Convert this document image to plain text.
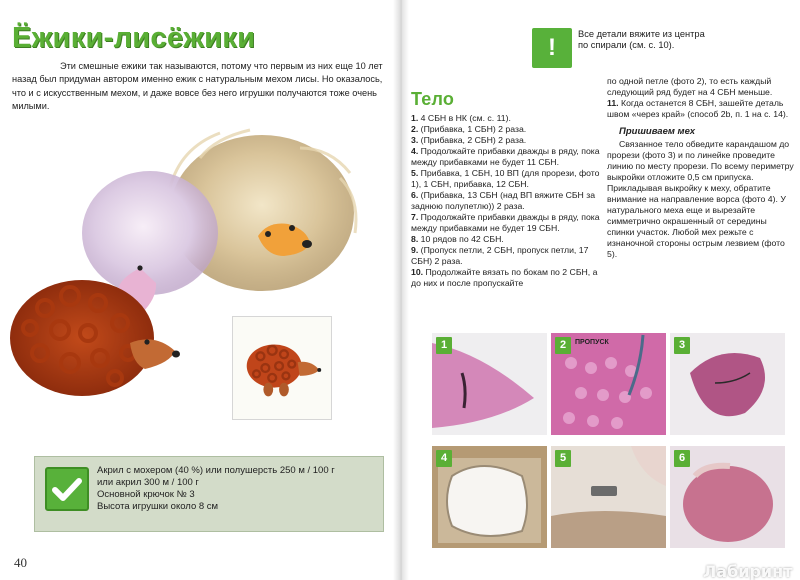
Ёжики-лисёжики
Эти смешные ежики так называются, потому что первым из них еще 10 лет назад был придуман автором именно ежик с натуральным мехом лисы. Но оказалось, что и с искусственным мехом, и даже вовсе без него игрушки получаются тоже очень милыми.
Акрил с мохером (40 %) или полушерсть 250 м / 100 г
или акрил 300 м / 100 г
Основной крючок № 3
Высота игрушки около 8 см
40
!	Все детали вяжите из центра по спирали (см. с. 10).
Тело
1. 4 СБН в НК (см. с. 11).
2. (Прибавка, 1 СБН) 2 раза.
3. (Прибавка, 2 СБН) 2 раза.
4. Продолжайте прибавки дважды в ряду, пока между прибавками не будет 11 СБН.
5. Прибавка, 1 СБН, 10 ВП (для прорези, фото 1), 1 СБН, прибавка, 12 СБН.
6. (Прибавка, 13 СБН (над ВП вяжите СБН за заднюю полупетлю)) 2 раза.
7. Продолжайте прибавки дважды в ряду, пока между прибавками не будет 19 СБН.
8. 10 рядов по 42 СБН.
9. (Пропуск петли, 2 СБН, пропуск петли, 17 СБН) 2 раза.
10. Продолжайте вязать по бокам по 2 СБН, а до них и после пропускайте
по одной петле (фото 2), то есть каждый следующий ряд будет на 4 СБН меньше.
11. Когда останется 8 СБН, зашейте деталь швом «через край» (способ 2b, п. 1 на с. 14).
Пришиваем мех
Связанное тело обведите карандашом до прорези (фото 3) и по линейке проведите линию по месту прорези. По всему периметру выкройки отложите 0,5 см припуска. Прикладывая выкройку к меху, обратите внимание на направление ворса (фото 4). У натурального меха еще и вырезайте симметрично окрашенный от середины спинки участок. Любой мех режьте с изнаночной стороны острым лезвием (фото 5).
1	2	ПРОПУСК	3
4	5	6
Лабиринт
